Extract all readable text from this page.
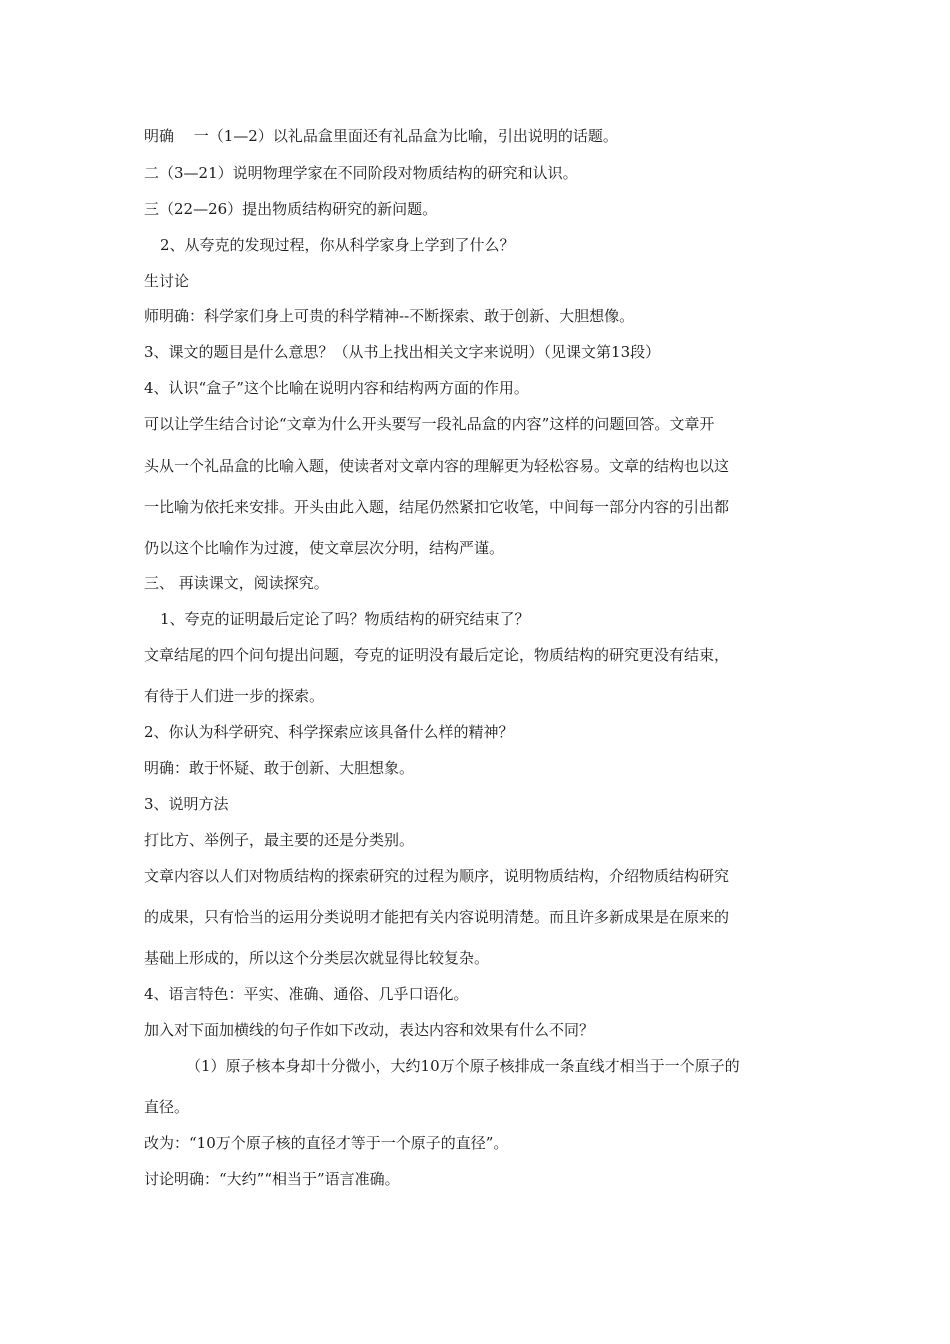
明确　 一（1—2）以礼品盒里面还有礼品盒为比喻，引出说明的话题。
二（3—21）说明物理学家在不同阶段对物质结构的研究和认识。
三（22—26）提出物质结构研究的新问题。
2、从夸克的发现过程，你从科学家身上学到了什么？
生讨论
师明确：科学家们身上可贵的科学精神--不断探索、敢于创新、大胆想像。
3、课文的题目是什么意思？（从书上找出相关文字来说明）（见课文第13段）
4、认识“盒子”这个比喻在说明内容和结构两方面的作用。
可以让学生结合讨论“文章为什么开头要写一段礼品盒的内容”这样的问题回答。文章开
头从一个礼品盒的比喻入题，使读者对文章内容的理解更为轻松容易。文章的结构也以这
一比喻为依托来安排。开头由此入题，结尾仍然紧扣它收笔，中间每一部分内容的引出都
仍以这个比喻作为过渡，使文章层次分明，结构严谨。
三、 再读课文，阅读探究。
1、夸克的证明最后定论了吗？物质结构的研究结束了？
文章结尾的四个问句提出问题，夸克的证明没有最后定论，物质结构的研究更没有结束，
有待于人们进一步的探索。
2、你认为科学研究、科学探索应该具备什么样的精神？
明确：敢于怀疑、敢于创新、大胆想象。
3、说明方法
打比方、举例子，最主要的还是分类别。
文章内容以人们对物质结构的探索研究的过程为顺序，说明物质结构，介绍物质结构研究
的成果，只有恰当的运用分类说明才能把有关内容说明清楚。而且许多新成果是在原来的
基础上形成的，所以这个分类层次就显得比较复杂。
4、语言特色：平实、准确、通俗、几乎口语化。
加入对下面加横线的句子作如下改动，表达内容和效果有什么不同？
（1）原子核本身却十分微小，大约10万个原子核排成一条直线才相当于一个原子的
直径。
改为：“10万个原子核的直径才等于一个原子的直径”。
讨论明确：“大约”“相当于”语言准确。
